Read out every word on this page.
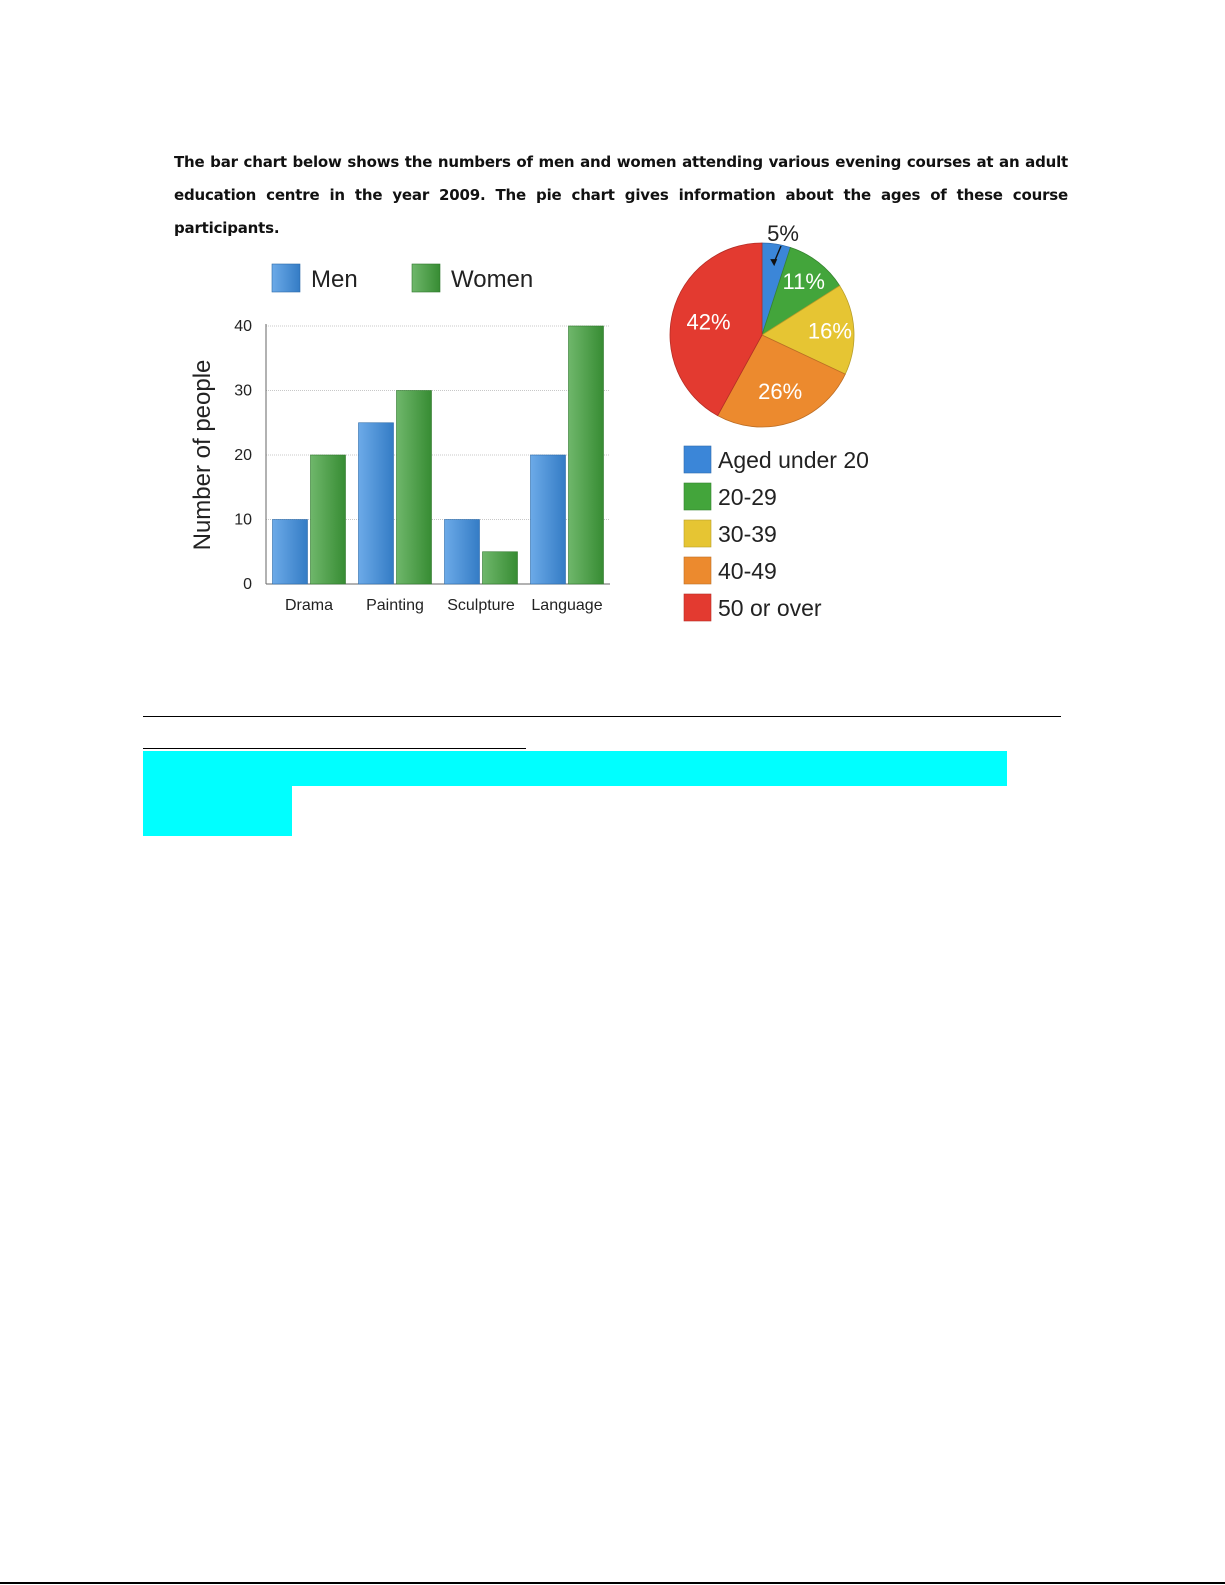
The bar chart below shows the numbers of men and women attending various evening courses at an adult education centre in the year 2009. The pie chart gives information about the ages of these course participants.
0
10
20
30
40
Number of people
Drama Painting Sculpture Language
Men	Women
5%
11%
16%
26%
42%
Aged under 20
20-29
30-39
40-49
50 or over
